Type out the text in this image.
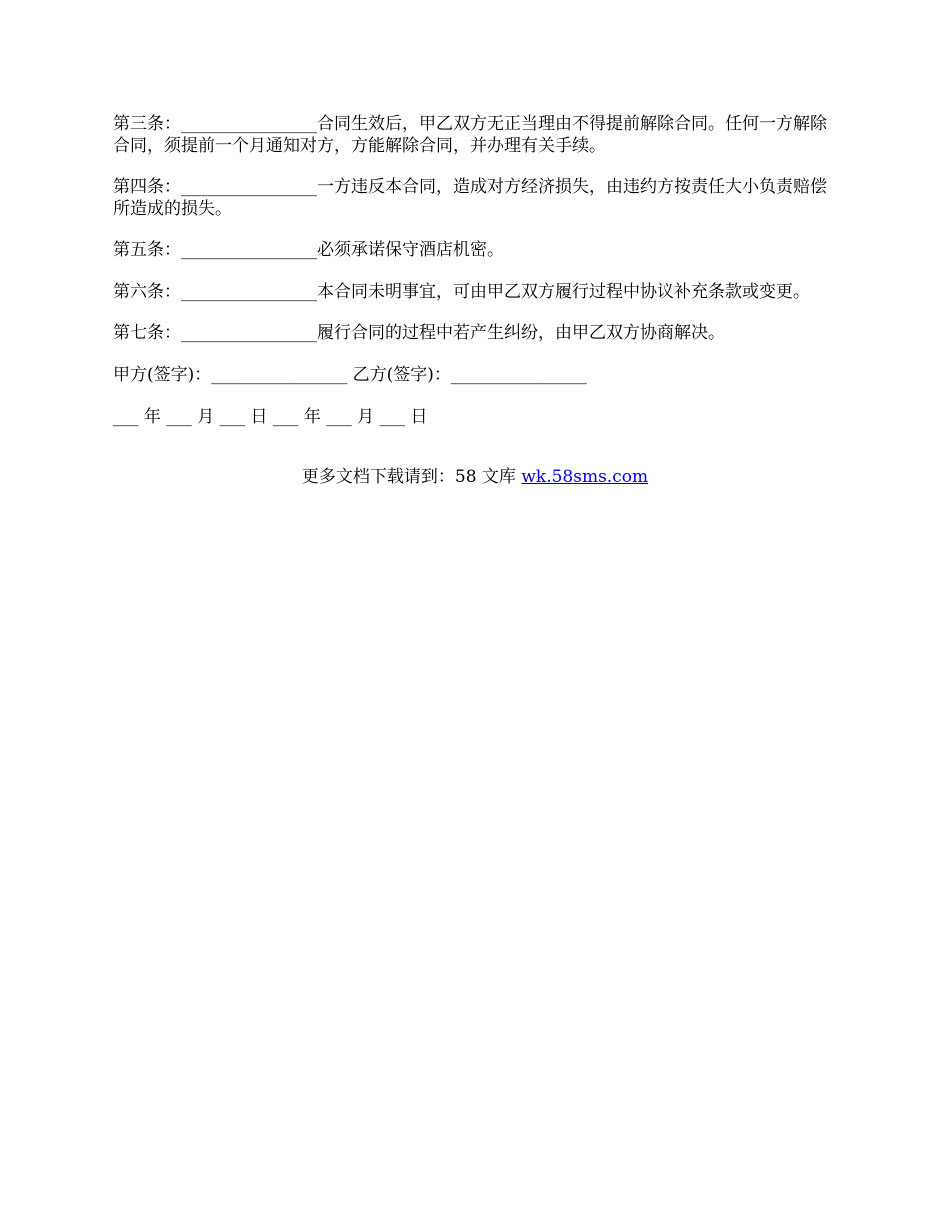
第三条：________________合同生效后，甲乙双方无正当理由不得提前解除合同。任何一方解除合同，须提前一个月通知对方，方能解除合同，并办理有关手续。

第四条：________________一方违反本合同，造成对方经济损失，由违约方按责任大小负责赔偿所造成的损失。

第五条：________________必须承诺保守酒店机密。

第六条：________________本合同未明事宜，可由甲乙双方履行过程中协议补充条款或变更。

第七条：________________履行合同的过程中若产生纠纷，由甲乙双方协商解决。

甲方(签字)：________________ 乙方(签字)：________________

___ 年 ___ 月 ___ 日 ___ 年 ___ 月 ___ 日

更多文档下载请到：58 文库 wk.58sms.com
